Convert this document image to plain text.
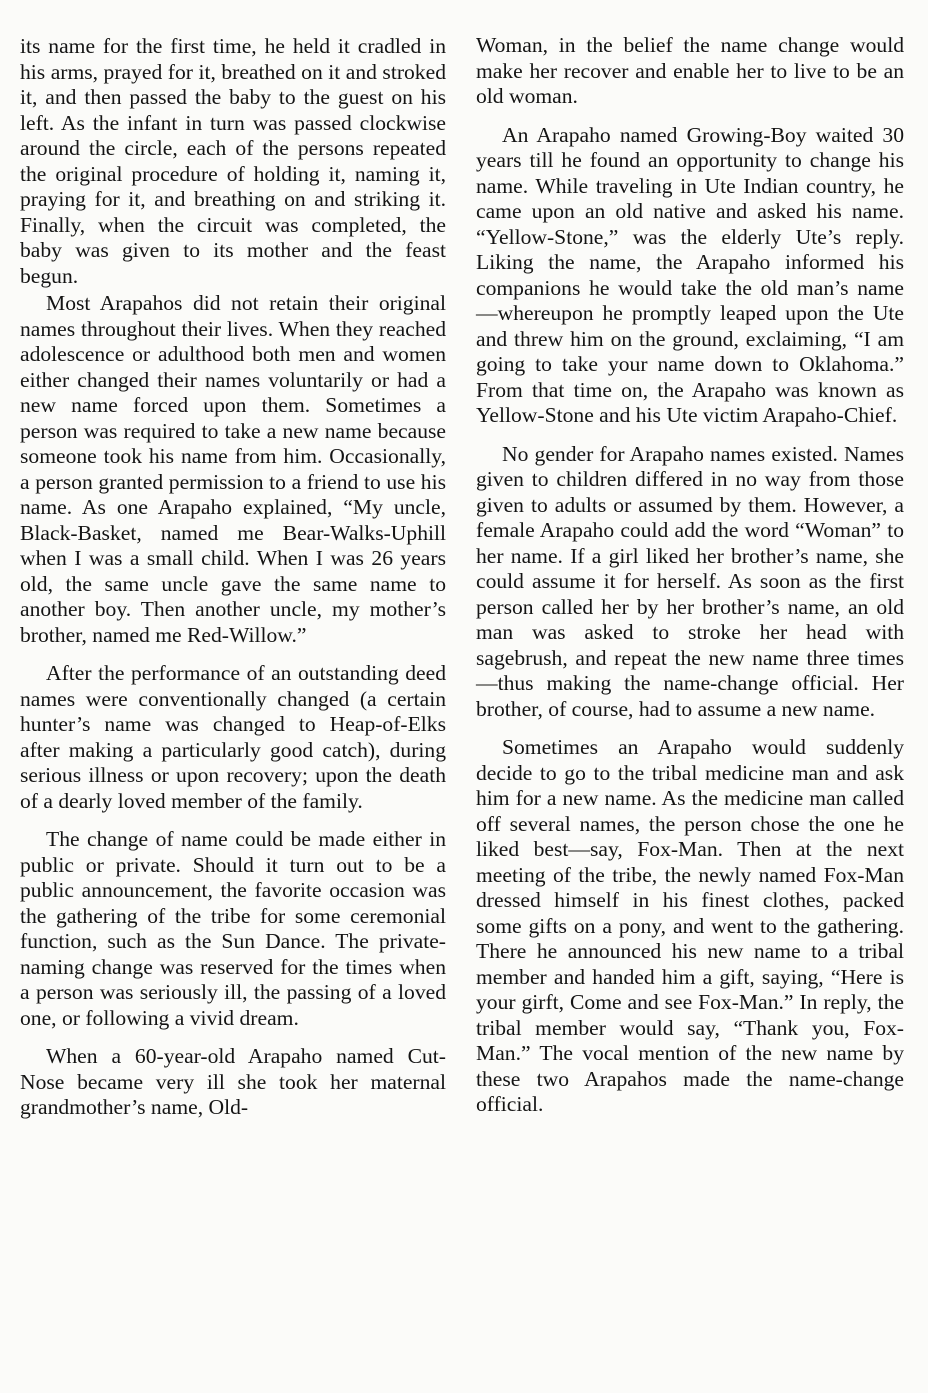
its name for the first time, he held it cradled in his arms, prayed for it, breathed on it and stroked it, and then passed the baby to the guest on his left. As the infant in turn was passed clockwise around the circle, each of the persons repeated the original procedure of holding it, naming it, praying for it, and breathing on and striking it. Finally, when the circuit was completed, the baby was given to its mother and the feast begun.

Most Arapahos did not retain their original names throughout their lives. When they reached adolescence or adulthood both men and women either changed their names voluntarily or had a new name forced upon them. Sometimes a person was required to take a new name because someone took his name from him. Occasionally, a person granted permission to a friend to use his name. As one Arapaho explained, “My uncle, Black-Basket, named me Bear-Walks-Uphill when I was a small child. When I was 26 years old, the same uncle gave the same name to another boy. Then another uncle, my mother’s brother, named me Red-Willow.”

After the performance of an outstanding deed names were conventionally changed (a certain hunter’s name was changed to Heap-of-Elks after making a particularly good catch), during serious illness or upon recovery; upon the death of a dearly loved member of the family.

The change of name could be made either in public or private. Should it turn out to be a public announcement, the favorite occasion was the gathering of the tribe for some ceremonial function, such as the Sun Dance. The private-naming change was reserved for the times when a person was seriously ill, the passing of a loved one, or following a vivid dream.

When a 60-year-old Arapaho named Cut-Nose became very ill she took her maternal grandmother’s name, Old-

Woman, in the belief the name change would make her recover and enable her to live to be an old woman.

An Arapaho named Growing-Boy waited 30 years till he found an opportunity to change his name. While traveling in Ute Indian country, he came upon an old native and asked his name. “Yellow-Stone,” was the elderly Ute’s reply. Liking the name, the Arapaho informed his companions he would take the old man’s name —whereupon he promptly leaped upon the Ute and threw him on the ground, exclaiming, “I am going to take your name down to Oklahoma.” From that time on, the Arapaho was known as Yellow-Stone and his Ute victim Arapaho-Chief.

No gender for Arapaho names existed. Names given to children differed in no way from those given to adults or assumed by them. However, a female Arapaho could add the word “Woman” to her name. If a girl liked her brother’s name, she could assume it for herself. As soon as the first person called her by her brother’s name, an old man was asked to stroke her head with sagebrush, and repeat the new name three times—thus making the name-change official. Her brother, of course, had to assume a new name.

Sometimes an Arapaho would suddenly decide to go to the tribal medicine man and ask him for a new name. As the medicine man called off several names, the person chose the one he liked best—say, Fox-Man. Then at the next meeting of the tribe, the newly named Fox-Man dressed himself in his finest clothes, packed some gifts on a pony, and went to the gathering. There he announced his new name to a tribal member and handed him a gift, saying, “Here is your girft, Come and see Fox-Man.” In reply, the tribal member would say, “Thank you, Fox-Man.” The vocal mention of the new name by these two Arapahos made the name-change official.
